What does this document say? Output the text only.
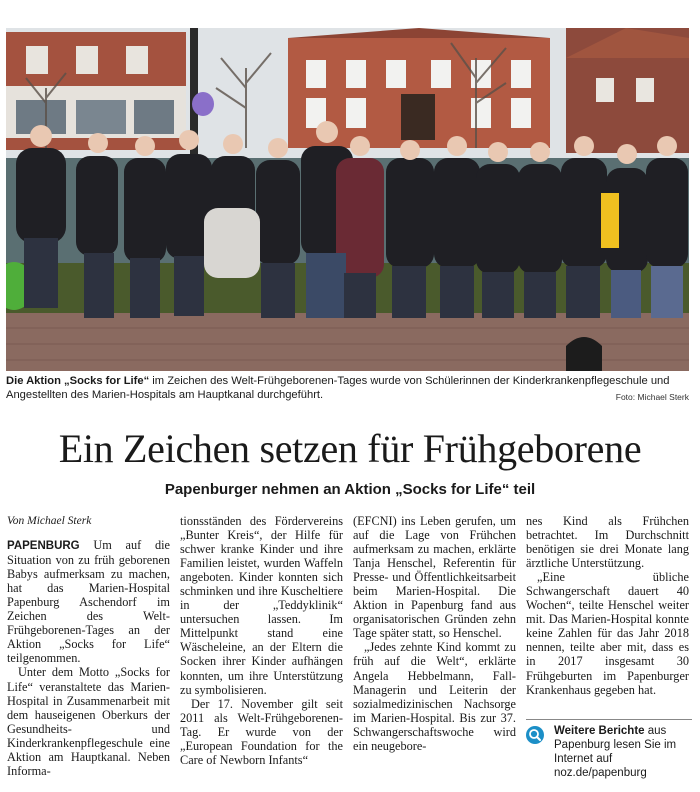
Die Aktion „Socks for Life“ im Zeichen des Welt-Frühgeborenen-Tages wurde von Schülerinnen der Kinderkrankenpflegeschule und Angestellten des Marien-Hospitals am Hauptkanal durchgeführt.	Foto: Michael Sterk
Ein Zeichen setzen für Frühgeborene
Papenburger nehmen an Aktion „Socks for Life“ teil

Von Michael Sterk

PAPENBURG Um auf die Situation von zu früh geborenen Babys aufmerksam zu machen, hat das Marien-Hospital Papenburg Aschendorf im Zeichen des Welt-Frühgeborenen-Tages an der Aktion „Socks for Life“ teilgenommen.

Unter dem Motto „Socks for Life“ veranstaltete das Marien-Hospital in Zusammenarbeit mit dem hauseigenen Oberkurs der Gesundheits- und Kinderkrankenpflegeschule eine Aktion am Hauptkanal. Neben Informa-

tionsständen des Fördervereins „Bunter Kreis“, der Hilfe für schwer kranke Kinder und ihre Familien leistet, wurden Waffeln angeboten. Kinder konnten sich schminken und ihre Kuscheltiere in der „Teddyklinik“ untersuchen lassen. Im Mittelpunkt stand eine Wäscheleine, an der Eltern die Socken ihrer Kinder aufhängen konnten, um ihre Unterstützung zu symbolisieren.

Der 17. November gilt seit 2011 als Welt-Frühgeborenen-Tag. Er wurde von der „European Foundation for the Care of Newborn Infants“

(EFCNI) ins Leben gerufen, um auf die Lage von Frühchen aufmerksam zu machen, erklärte Tanja Henschel, Referentin für Presse- und Öffentlichkeitsarbeit beim Marien-Hospital. Die Aktion in Papenburg fand aus organisatorischen Gründen zehn Tage später statt, so Henschel.

„Jedes zehnte Kind kommt zu früh auf die Welt“, erklärte Angela Hebbelmann, Fall-Managerin und Leiterin der sozialmedizinischen Nachsorge im Marien-Hospital. Bis zur 37. Schwangerschaftswoche wird ein neugebore-

nes Kind als Frühchen betrachtet. Im Durchschnitt benötigen sie drei Monate lang ärztliche Unterstützung.

„Eine übliche Schwangerschaft dauert 40 Wochen“, teilte Henschel weiter mit. Das Marien-Hospital konnte keine Zahlen für das Jahr 2018 nennen, teilte aber mit, dass es in 2017 insgesamt 30 Frühgeburten im Papenburger Krankenhaus gegeben hat.

Weitere Berichte aus Papenburg lesen Sie im Internet auf
noz.de/papenburg
